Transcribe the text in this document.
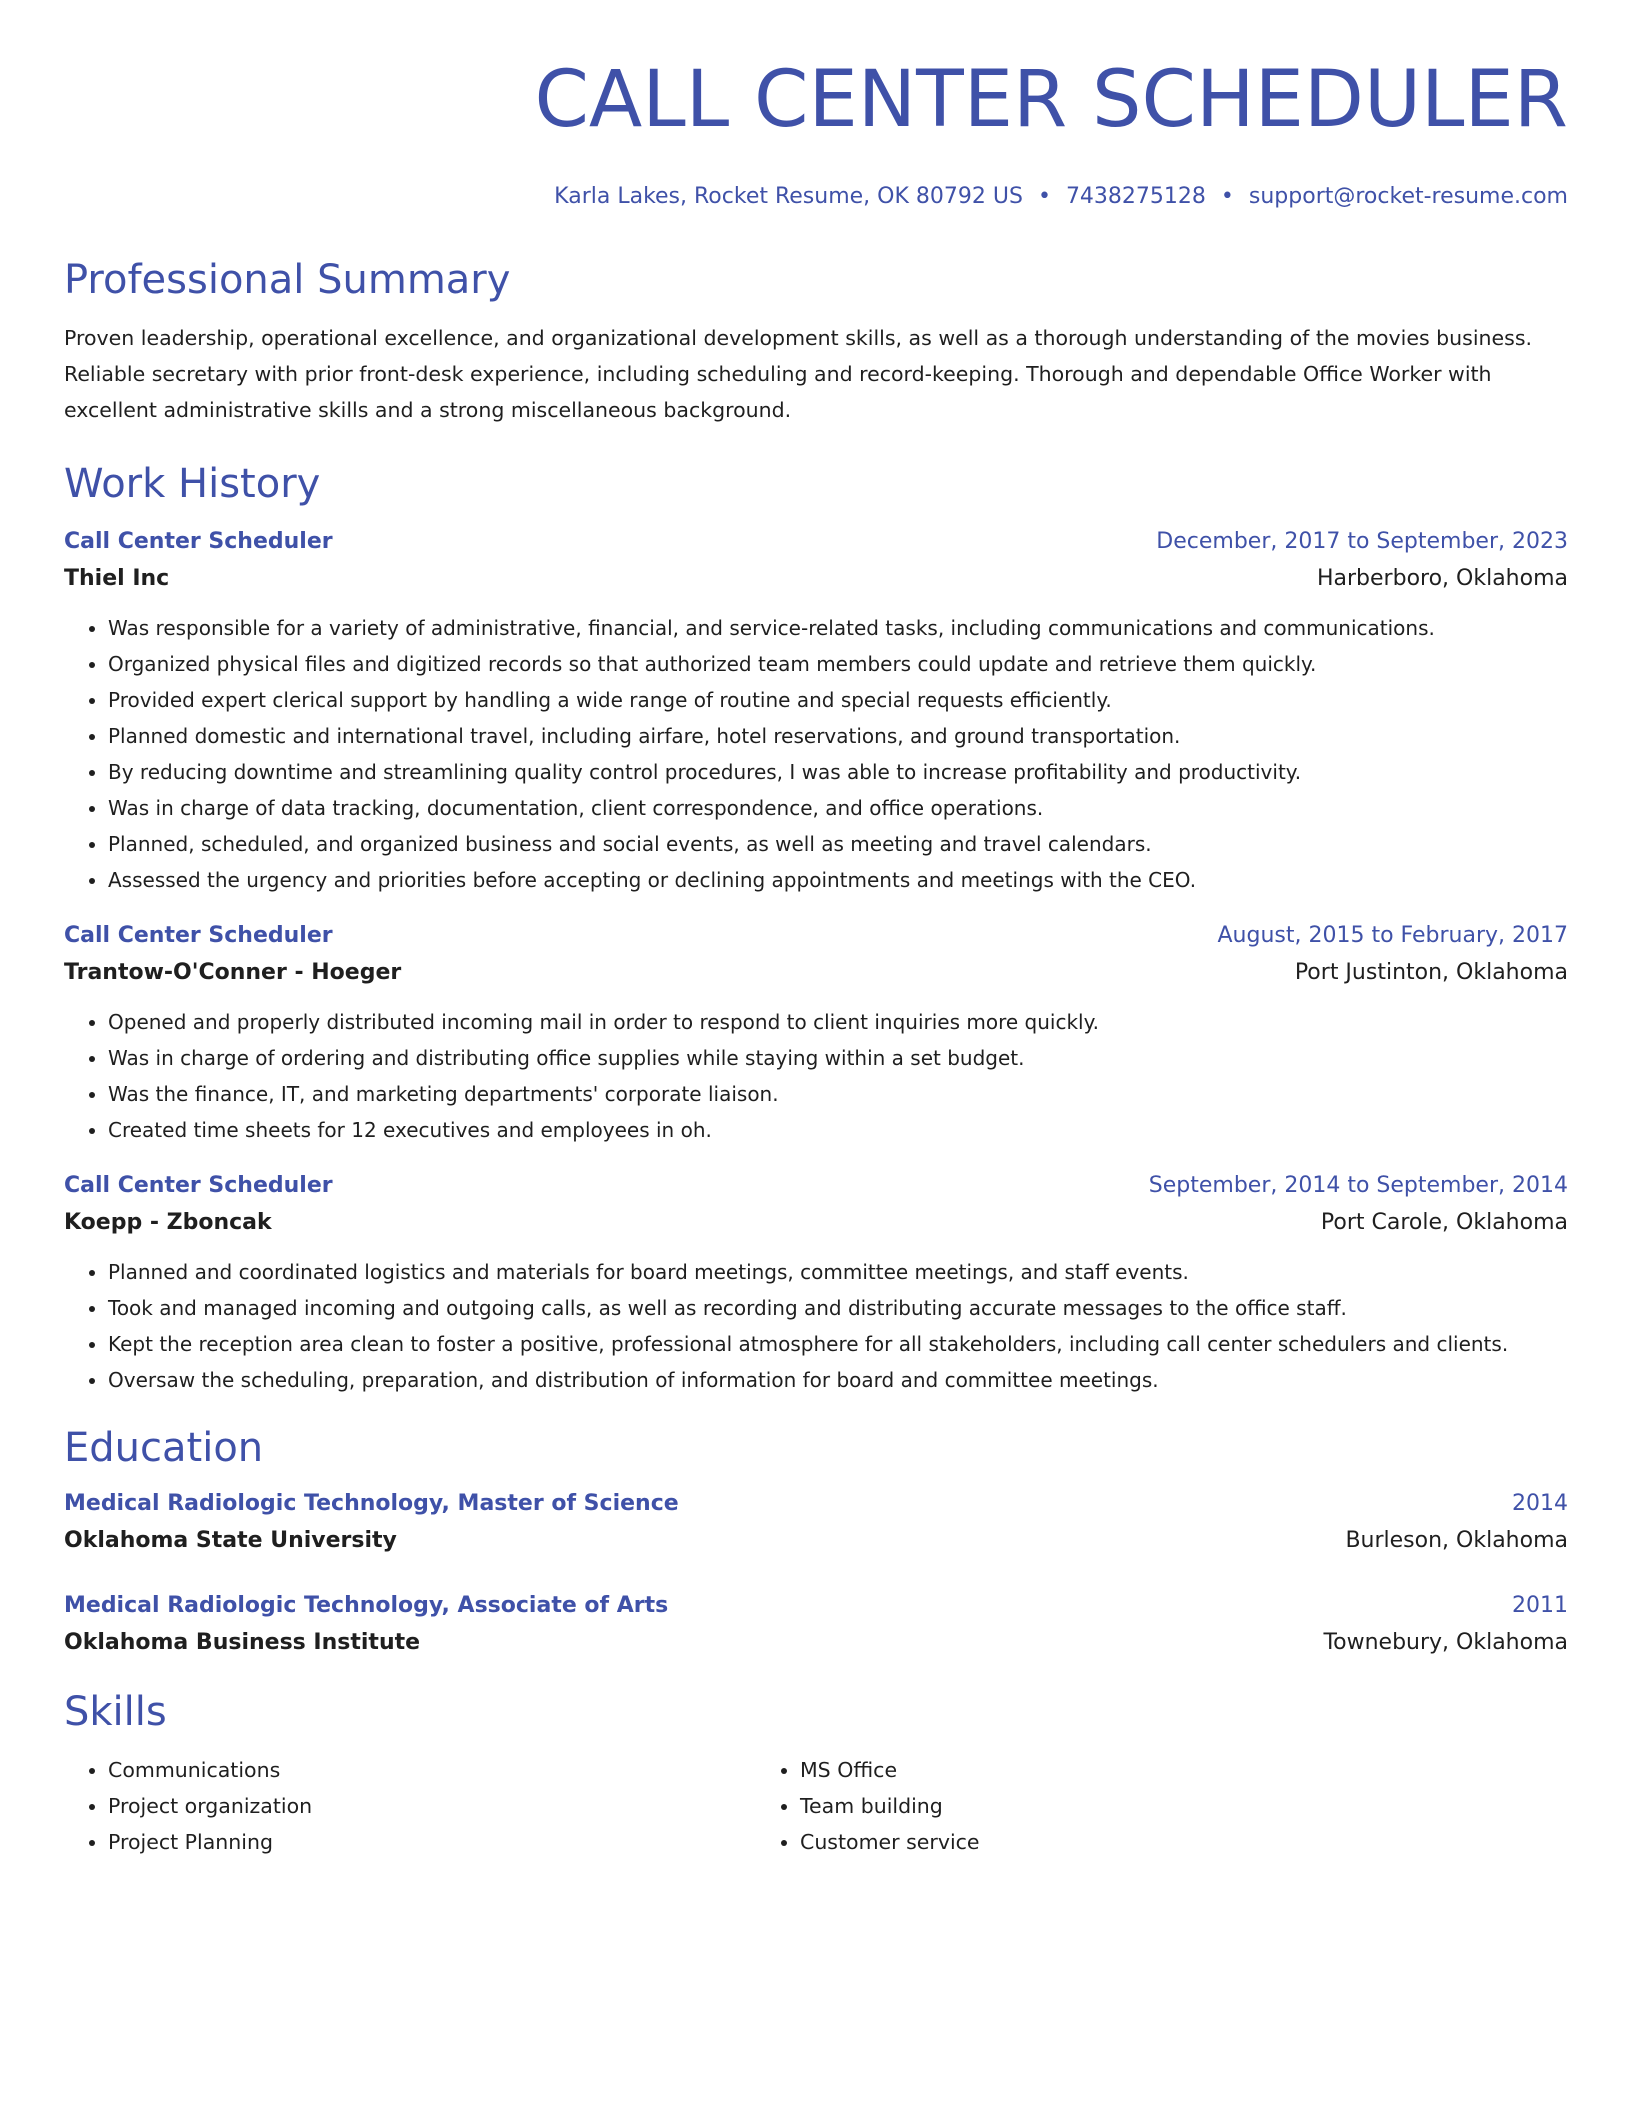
CALL CENTER SCHEDULER
Karla Lakes, Rocket Resume, OK 80792 US • 7438275128 • support@rocket-resume.com
Professional Summary
Proven leadership, operational excellence, and organizational development skills, as well as a thorough understanding of the movies business. Reliable secretary with prior front-desk experience, including scheduling and record-keeping. Thorough and dependable Office Worker with excellent administrative skills and a strong miscellaneous background.
Work History
Call Center Scheduler	December, 2017 to September, 2023
Thiel Inc	Harberboro, Oklahoma
• Was responsible for a variety of administrative, financial, and service-related tasks, including communications and communications.
• Organized physical files and digitized records so that authorized team members could update and retrieve them quickly.
• Provided expert clerical support by handling a wide range of routine and special requests efficiently.
• Planned domestic and international travel, including airfare, hotel reservations, and ground transportation.
• By reducing downtime and streamlining quality control procedures, I was able to increase profitability and productivity.
• Was in charge of data tracking, documentation, client correspondence, and office operations.
• Planned, scheduled, and organized business and social events, as well as meeting and travel calendars.
• Assessed the urgency and priorities before accepting or declining appointments and meetings with the CEO.
Call Center Scheduler	August, 2015 to February, 2017
Trantow-O'Conner - Hoeger	Port Justinton, Oklahoma
• Opened and properly distributed incoming mail in order to respond to client inquiries more quickly.
• Was in charge of ordering and distributing office supplies while staying within a set budget.
• Was the finance, IT, and marketing departments' corporate liaison.
• Created time sheets for 12 executives and employees in oh.
Call Center Scheduler	September, 2014 to September, 2014
Koepp - Zboncak	Port Carole, Oklahoma
• Planned and coordinated logistics and materials for board meetings, committee meetings, and staff events.
• Took and managed incoming and outgoing calls, as well as recording and distributing accurate messages to the office staff.
• Kept the reception area clean to foster a positive, professional atmosphere for all stakeholders, including call center schedulers and clients.
• Oversaw the scheduling, preparation, and distribution of information for board and committee meetings.
Education
Medical Radiologic Technology, Master of Science	2014
Oklahoma State University	Burleson, Oklahoma
Medical Radiologic Technology, Associate of Arts	2011
Oklahoma Business Institute	Townebury, Oklahoma
Skills
• Communications
• Project organization
• Project Planning
• MS Office
• Team building
• Customer service
